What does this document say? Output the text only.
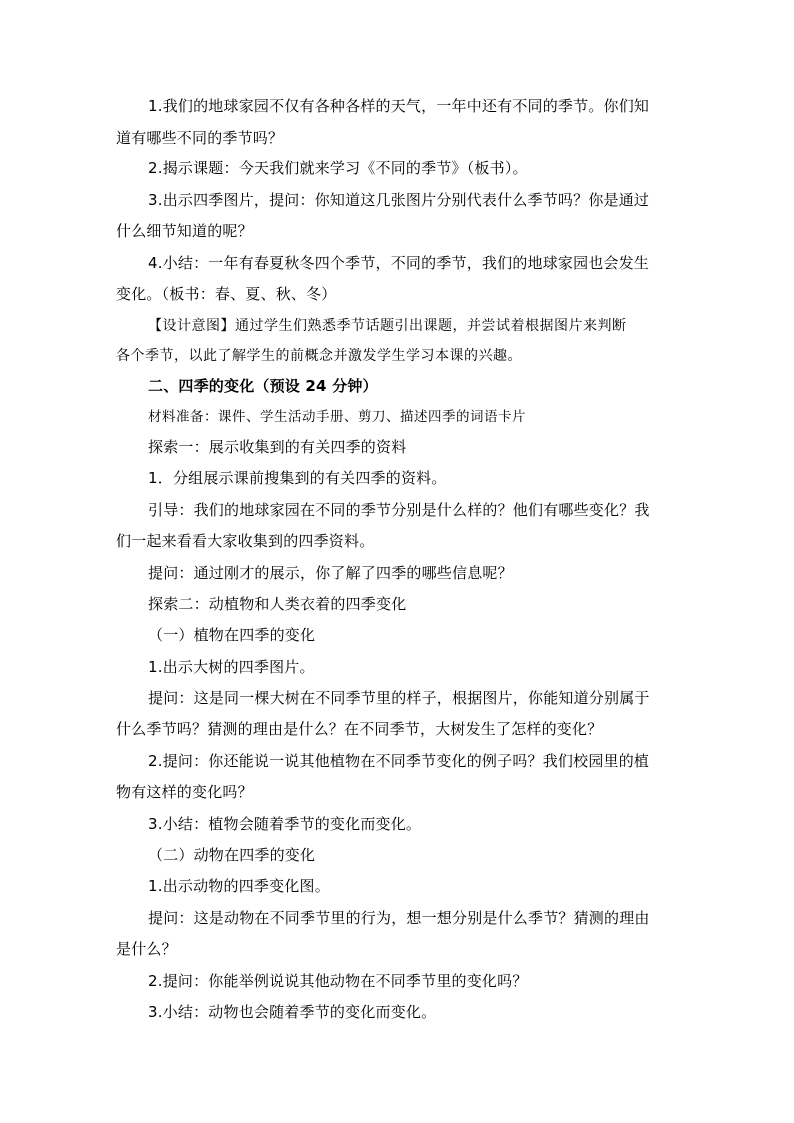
1.我们的地球家园不仅有各种各样的天气，一年中还有不同的季节。你们知
道有哪些不同的季节吗？
2.揭示课题：今天我们就来学习《不同的季节》（板书）。
3.出示四季图片，提问：你知道这几张图片分别代表什么季节吗？你是通过
什么细节知道的呢？
4.小结：一年有春夏秋冬四个季节，不同的季节，我们的地球家园也会发生
变化。（板书：春、夏、秋、冬）
【设计意图】通过学生们熟悉季节话题引出课题，并尝试着根据图片来判断
各个季节，以此了解学生的前概念并激发学生学习本课的兴趣。
二、四季的变化（预设 24 分钟）
材料准备：课件、学生活动手册、剪刀、描述四季的词语卡片
探索一：展示收集到的有关四季的资料
1．分组展示课前搜集到的有关四季的资料。
引导：我们的地球家园在不同的季节分别是什么样的？他们有哪些变化？我
们一起来看看大家收集到的四季资料。
提问：通过刚才的展示，你了解了四季的哪些信息呢？
探索二：动植物和人类衣着的四季变化
（一）植物在四季的变化
1.出示大树的四季图片。
提问：这是同一棵大树在不同季节里的样子，根据图片，你能知道分别属于
什么季节吗？猜测的理由是什么？在不同季节，大树发生了怎样的变化？
2.提问：你还能说一说其他植物在不同季节变化的例子吗？我们校园里的植
物有这样的变化吗？
3.小结：植物会随着季节的变化而变化。
（二）动物在四季的变化
1.出示动物的四季变化图。
提问：这是动物在不同季节里的行为，想一想分别是什么季节？猜测的理由
是什么？
2.提问：你能举例说说其他动物在不同季节里的变化吗？
3.小结：动物也会随着季节的变化而变化。
